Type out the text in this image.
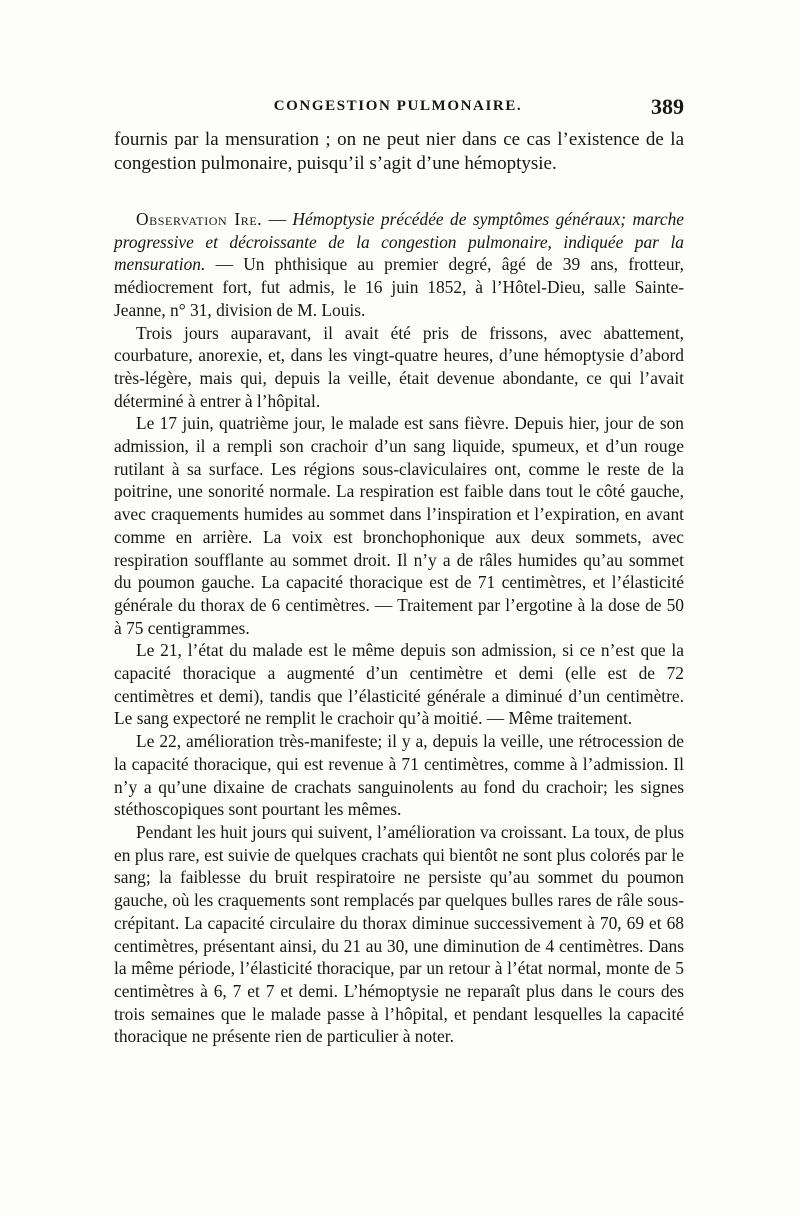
CONGESTION PULMONAIRE.	389

fournis par la mensuration ; on ne peut nier dans ce cas l’existence de la congestion pulmonaire, puisqu’il s’agit d’une hémoptysie.

Observation Ire. — Hémoptysie précédée de symptômes généraux; marche progressive et décroissante de la congestion pulmonaire, indiquée par la mensuration. — Un phthisique au premier degré, âgé de 39 ans, frotteur, médiocrement fort, fut admis, le 16 juin 1852, à l’Hôtel-Dieu, salle Sainte-Jeanne, n° 31, division de M. Louis.

Trois jours auparavant, il avait été pris de frissons, avec abattement, courbature, anorexie, et, dans les vingt-quatre heures, d’une hémoptysie d’abord très-légère, mais qui, depuis la veille, était devenue abondante, ce qui l’avait déterminé à entrer à l’hôpital.

Le 17 juin, quatrième jour, le malade est sans fièvre. Depuis hier, jour de son admission, il a rempli son crachoir d’un sang liquide, spumeux, et d’un rouge rutilant à sa surface. Les régions sous-claviculaires ont, comme le reste de la poitrine, une sonorité normale. La respiration est faible dans tout le côté gauche, avec craquements humides au sommet dans l’inspiration et l’expiration, en avant comme en arrière. La voix est bronchophonique aux deux sommets, avec respiration soufflante au sommet droit. Il n’y a de râles humides qu’au sommet du poumon gauche. La capacité thoracique est de 71 centimètres, et l’élasticité générale du thorax de 6 centimètres. — Traitement par l’ergotine à la dose de 50 à 75 centigrammes.

Le 21, l’état du malade est le même depuis son admission, si ce n’est que la capacité thoracique a augmenté d’un centimètre et demi (elle est de 72 centimètres et demi), tandis que l’élasticité générale a diminué d’un centimètre. Le sang expectoré ne remplit le crachoir qu’à moitié. — Même traitement.

Le 22, amélioration très-manifeste; il y a, depuis la veille, une rétrocession de la capacité thoracique, qui est revenue à 71 centimètres, comme à l’admission. Il n’y a qu’une dixaine de crachats sanguinolents au fond du crachoir; les signes stéthoscopiques sont pourtant les mêmes.

Pendant les huit jours qui suivent, l’amélioration va croissant. La toux, de plus en plus rare, est suivie de quelques crachats qui bientôt ne sont plus colorés par le sang; la faiblesse du bruit respiratoire ne persiste qu’au sommet du poumon gauche, où les craquements sont remplacés par quelques bulles rares de râle sous-crépitant. La capacité circulaire du thorax diminue successivement à 70, 69 et 68 centimètres, présentant ainsi, du 21 au 30, une diminution de 4 centimètres. Dans la même période, l’élasticité thoracique, par un retour à l’état normal, monte de 5 centimètres à 6, 7 et 7 et demi. L’hémoptysie ne reparaît plus dans le cours des trois semaines que le malade passe à l’hôpital, et pendant lesquelles la capacité thoracique ne présente rien de particulier à noter.
